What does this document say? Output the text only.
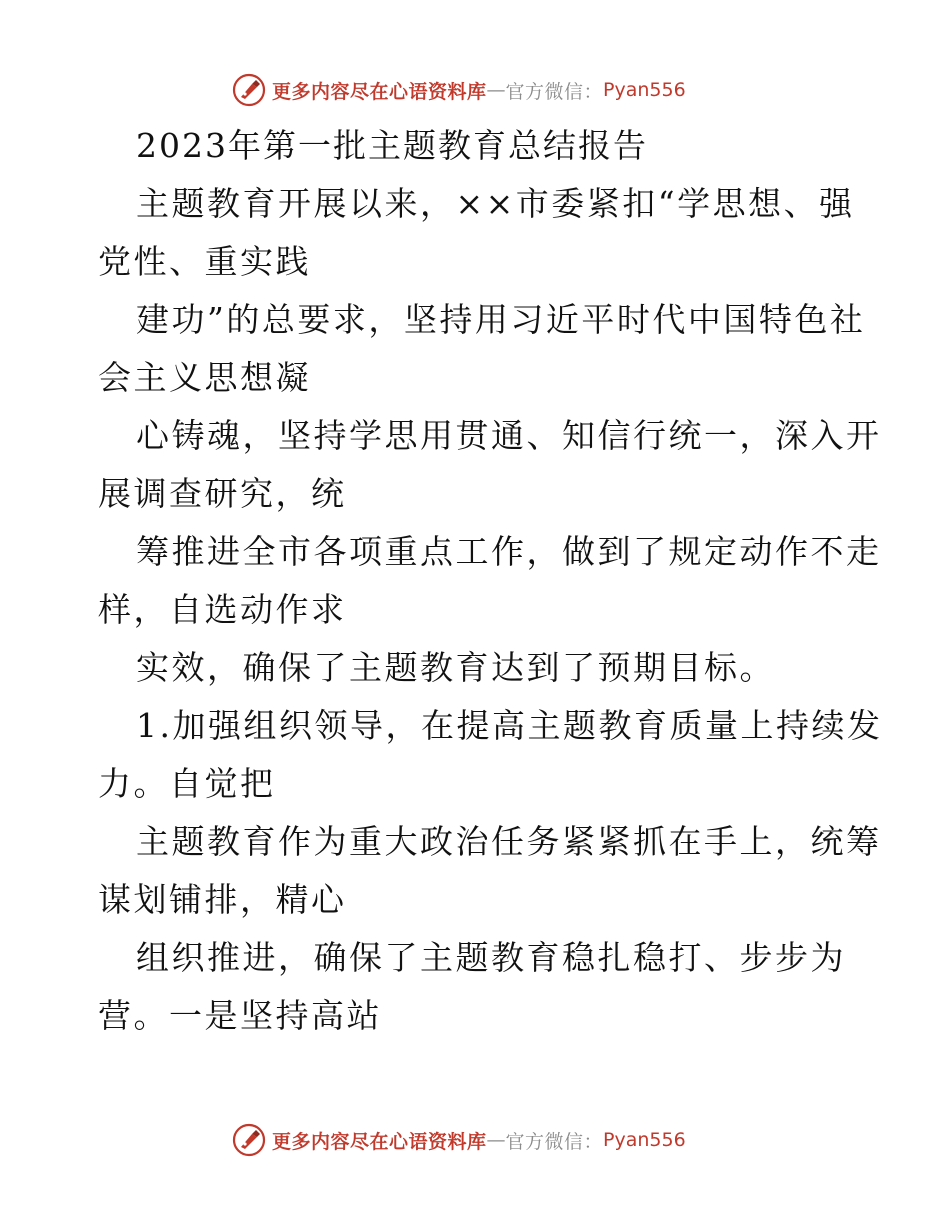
更多内容尽在心语资料库 — 官方微信： Pyan556
2023年第一批主题教育总结报告
主题教育开展以来，××市委紧扣“学思想、强
党性、重实践
建功”的总要求，坚持用习近平时代中国特色社
会主义思想凝
心铸魂，坚持学思用贯通、知信行统一，深入开
展调查研究，统
筹推进全市各项重点工作，做到了规定动作不走
样，自选动作求
实效，确保了主题教育达到了预期目标。
1.加强组织领导，在提高主题教育质量上持续发
力。自觉把
主题教育作为重大政治任务紧紧抓在手上，统筹
谋划铺排，精心
组织推进，确保了主题教育稳扎稳打、步步为
营。一是坚持高站
更多内容尽在心语资料库 — 官方微信： Pyan556
